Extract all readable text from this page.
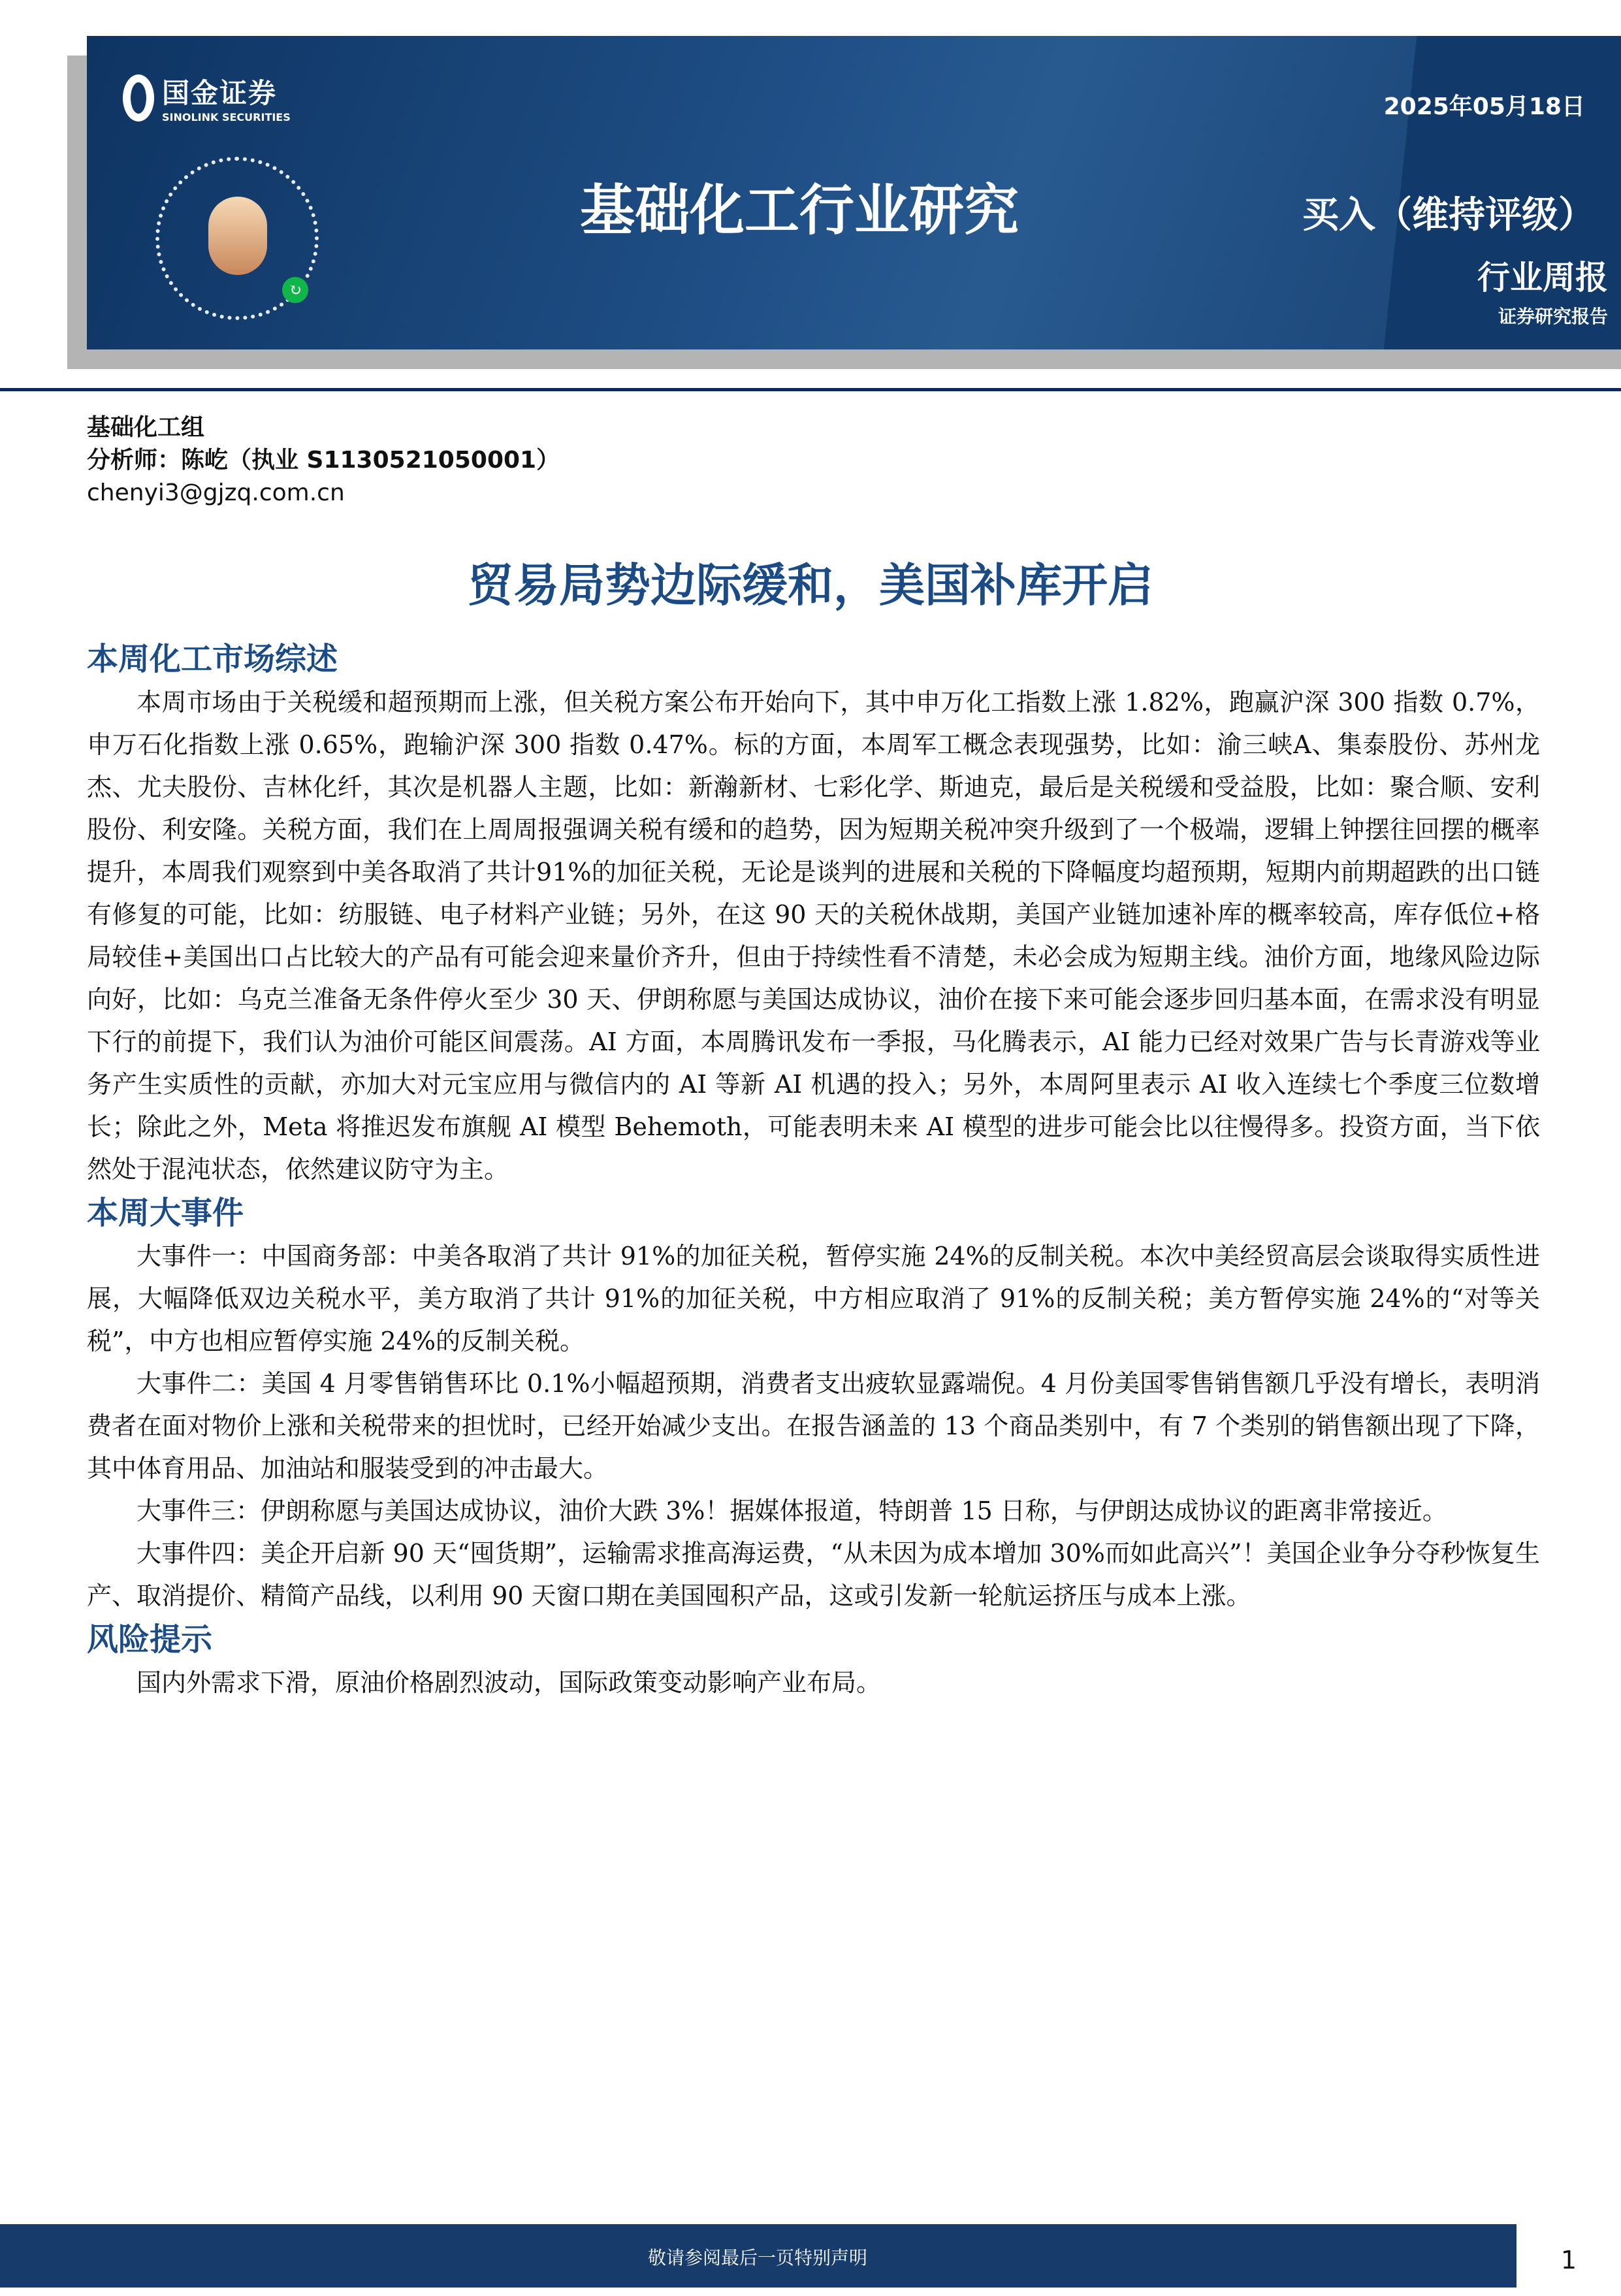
国金证券
SINOLINK SECURITIES
↻
2025年05月18日
基础化工行业研究	买入（维持评级）
行业周报
证券研究报告
基础化工组
分析师：陈屹（执业 S1130521050001）
chenyi3@gjzq.com.cn
贸易局势边际缓和，美国补库开启
本周化工市场综述

本周市场由于关税缓和超预期而上涨，但关税方案公布开始向下，其中申万化工指数上涨 1.82%，跑赢沪深 300 指数 0.7%，申万石化指数上涨 0.65%，跑输沪深 300 指数 0.47%。标的方面，本周军工概念表现强势，比如：渝三峡A、集泰股份、苏州龙杰、尤夫股份、吉林化纤，其次是机器人主题，比如：新瀚新材、七彩化学、斯迪克，最后是关税缓和受益股，比如：聚合顺、安利股份、利安隆。关税方面，我们在上周周报强调关税有缓和的趋势，因为短期关税冲突升级到了一个极端，逻辑上钟摆往回摆的概率提升，本周我们观察到中美各取消了共计91%的加征关税，无论是谈判的进展和关税的下降幅度均超预期，短期内前期超跌的出口链有修复的可能，比如：纺服链、电子材料产业链；另外，在这 90 天的关税休战期，美国产业链加速补库的概率较高，库存低位+格局较佳+美国出口占比较大的产品有可能会迎来量价齐升，但由于持续性看不清楚，未必会成为短期主线。油价方面，地缘风险边际向好，比如：乌克兰准备无条件停火至少 30 天、伊朗称愿与美国达成协议，油价在接下来可能会逐步回归基本面，在需求没有明显下行的前提下，我们认为油价可能区间震荡。AI 方面，本周腾讯发布一季报，马化腾表示，AI 能力已经对效果广告与长青游戏等业务产生实质性的贡献，亦加大对元宝应用与微信内的 AI 等新 AI 机遇的投入；另外，本周阿里表示 AI 收入连续七个季度三位数增长；除此之外，Meta 将推迟发布旗舰 AI 模型 Behemoth，可能表明未来 AI 模型的进步可能会比以往慢得多。投资方面，当下依然处于混沌状态，依然建议防守为主。

本周大事件

大事件一：中国商务部：中美各取消了共计 91%的加征关税，暂停实施 24%的反制关税。本次中美经贸高层会谈取得实质性进展，大幅降低双边关税水平，美方取消了共计 91%的加征关税，中方相应取消了 91%的反制关税；美方暂停实施 24%的“对等关税”，中方也相应暂停实施 24%的反制关税。

大事件二：美国 4 月零售销售环比 0.1%小幅超预期，消费者支出疲软显露端倪。4 月份美国零售销售额几乎没有增长，表明消费者在面对物价上涨和关税带来的担忧时，已经开始减少支出。在报告涵盖的 13 个商品类别中，有 7 个类别的销售额出现了下降，其中体育用品、加油站和服装受到的冲击最大。

大事件三：伊朗称愿与美国达成协议，油价大跌 3%！据媒体报道，特朗普 15 日称，与伊朗达成协议的距离非常接近。

大事件四：美企开启新 90 天“囤货期”，运输需求推高海运费，“从未因为成本增加 30%而如此高兴”！美国企业争分夺秒恢复生产、取消提价、精简产品线，以利用 90 天窗口期在美国囤积产品，这或引发新一轮航运挤压与成本上涨。

风险提示

国内外需求下滑，原油价格剧烈波动，国际政策变动影响产业布局。

敬请参阅最后一页特别声明	1
